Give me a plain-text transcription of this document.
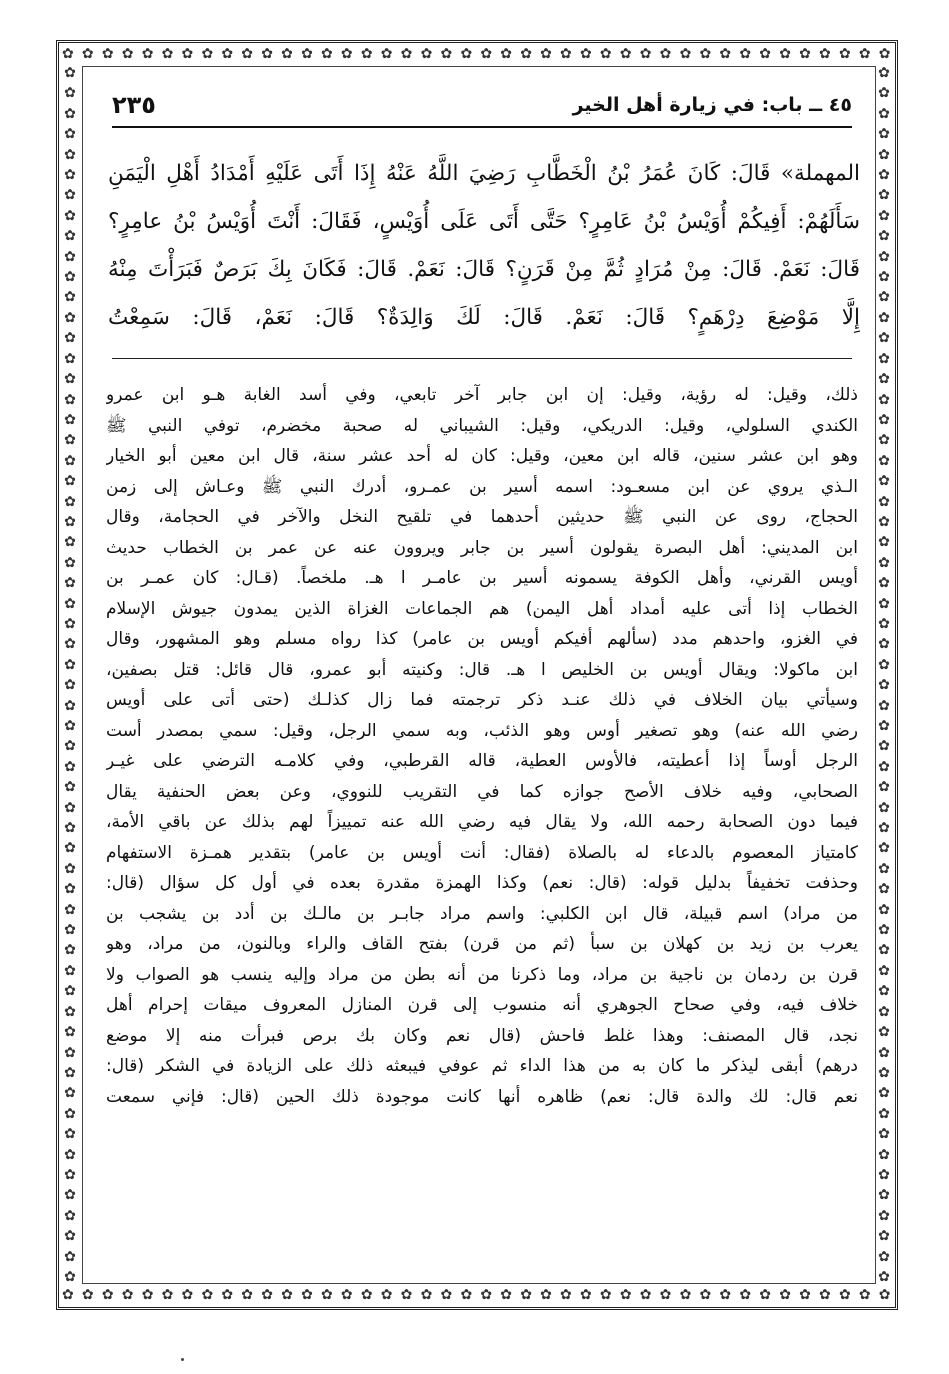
✿ ✿ ✿ ✿ ✿ ✿ ✿ ✿ ✿ ✿ ✿ ✿ ✿ ✿ ✿ ✿ ✿ ✿ ✿ ✿ ✿ ✿ ✿ ✿ ✿ ✿ ✿ ✿ ✿ ✿ ✿ ✿ ✿ ✿ ✿ ✿ ✿ ✿ ✿ ✿ ✿ ✿
✿ ✿ ✿ ✿ ✿ ✿ ✿ ✿ ✿ ✿ ✿ ✿ ✿ ✿ ✿ ✿ ✿ ✿ ✿ ✿ ✿ ✿ ✿ ✿ ✿ ✿ ✿ ✿ ✿ ✿ ✿ ✿ ✿ ✿ ✿ ✿ ✿ ✿ ✿ ✿ ✿ ✿
✿
✿
✿
✿
✿
✿
✿
✿
✿
✿
✿
✿
✿
✿
✿
✿
✿
✿
✿
✿
✿
✿
✿
✿
✿
✿
✿
✿
✿
✿
✿
✿
✿
✿
✿
✿
✿
✿
✿
✿
✿
✿
✿
✿
✿
✿
✿
✿
✿
✿
✿
✿
✿
✿
✿
✿
✿
✿
✿
✿
✿
✿
✿
✿
✿
✿
✿
✿
✿
✿
✿
✿
✿
✿
✿
✿
✿
✿
✿
✿
✿
✿
✿
✿
✿
✿
✿
✿
✿
✿
✿
✿
✿
✿
✿
✿
✿
✿
✿
✿
✿
✿
✿
✿
✿
✿
✿
✿
✿
✿
✿
✿
✿
✿
✿
✿
✿
✿
✿
✿
٤٥ ــ باب: في زيارة أهل الخير
٢٣٥

المهملة» قَالَ: كَانَ عُمَرُ بْنُ الْخَطَّابِ رَضِيَ اللَّهُ عَنْهُ إِذَا أَتَى عَلَيْهِ أَمْدَادُ أَهْلِ الْيَمَنِ

سَأَلَهُمْ: أَفِيكُمْ أُوَيْسُ بْنُ عَامِرٍ؟ حَتَّى أَتَى عَلَى أُوَيْسٍ، فَقَالَ: أَنْتَ أُوَيْسُ بْنُ عامِرٍ؟

قَالَ: نَعَمْ. قَالَ: مِنْ مُرَادٍ ثُمَّ مِنْ قَرَنٍ؟ قَالَ: نَعَمْ. قَالَ: فَكَانَ بِكَ بَرَصٌ فَبَرَأْتَ مِنْهُ

إِلَّا مَوْضِعَ دِرْهَمٍ؟ قَالَ: نَعَمْ. قَالَ: لَكَ وَالِدَةٌ؟ قَالَ: نَعَمْ، قَالَ: سَمِعْتُ

ذلك، وقيل: له رؤية، وقيل: إن ابن جابر آخر تابعي، وفي أسد الغابة هـو ابن عمرو

الكندي السلولي، وقيل: الدريكي، وقيل: الشيباني له صحبة مخضرم، توفي النبي ﷺ

وهو ابن عشر سنين، قاله ابن معين، وقيل: كان له أحد عشر سنة، قال ابن معين أبو الخيار

الـذي يروي عن ابن مسعـود: اسمه أسير بن عمـرو، أدرك النبي ﷺ وعـاش إلى زمن

الحجاج، روى عن النبي ﷺ حديثين أحدهما في تلقيح النخل والآخر في الحجامة، وقال

ابن المديني: أهل البصرة يقولون أسير بن جابر ويروون عنه عن عمر بن الخطاب حديث

أويس القرني، وأهل الكوفة يسمونه أسير بن عامـر ا هـ. ملخصاً. (قـال: كان عمـر بن

الخطاب إذا أتى عليه أمداد أهل اليمن) هم الجماعات الغزاة الذين يمدون جيوش الإسلام

في الغزو، واحدهم مدد (سألهم أفيكم أويس بن عامر) كذا رواه مسلم وهو المشهور، وقال

ابن ماكولا: ويقال أويس بن الخليص ا هـ. قال: وكنيته أبو عمرو، قال قائل: قتل بصفين،

وسيأتي بيان الخلاف في ذلك عنـد ذكر ترجمته فما زال كذلـك (حتى أتى على أويس

رضي الله عنه) وهو تصغير أوس وهو الذئب، وبه سمي الرجل، وقيل: سمي بمصدر أست

الرجل أوساً إذا أعطيته، فالأوس العطية، قاله القرطبي، وفي كلامـه الترضي على غيـر

الصحابي، وفيه خلاف الأصح جوازه كما في التقريب للنووي، وعن بعض الحنفية يقال

فيما دون الصحابة رحمه الله، ولا يقال فيه رضي الله عنه تمييزاً لهم بذلك عن باقي الأمة،

كامتياز المعصوم بالدعاء له بالصلاة (فقال: أنت أويس بن عامر) بتقدير همـزة الاستفهام

وحذفت تخفيفاً بدليل قوله: (قال: نعم) وكذا الهمزة مقدرة بعده في أول كل سؤال (قال:

من مراد) اسم قبيلة، قال ابن الكلبي: واسم مراد جابـر بن مالـك بن أدد بن يشجب بن

يعرب بن زيد بن كهلان بن سبأ (ثم من قرن) بفتح القاف والراء وبالنون، من مراد، وهو

قرن بن ردمان بن ناجية بن مراد، وما ذكرنا من أنه بطن من مراد وإليه ينسب هو الصواب ولا

خلاف فيه، وفي صحاح الجوهري أنه منسوب إلى قرن المنازل المعروف ميقات إحرام أهل

نجد، قال المصنف: وهذا غلط فاحش (قال نعم وكان بك برص فبرأت منه إلا موضع

درهم) أبقى ليذكر ما كان به من هذا الداء ثم عوفي فيبعثه ذلك على الزيادة في الشكر (قال:

نعم قال: لك والدة قال: نعم) ظاهره أنها كانت موجودة ذلك الحين (قال: فإني سمعت
